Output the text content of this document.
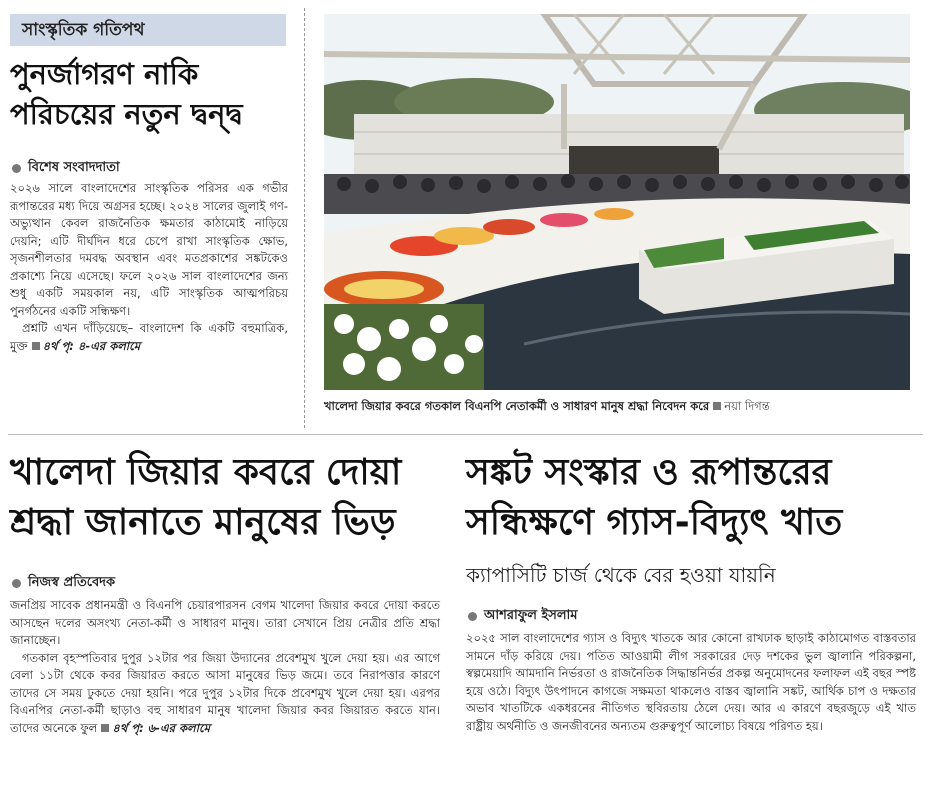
সাংস্কৃতিক গতিপথ
পুনর্জাগরণ নাকি
পরিচয়ের নতুন দ্বন্দ্ব
বিশেষ সংবাদদাতা

২০২৬ সালে বাংলাদেশের সাংস্কৃতিক পরিসর এক গভীর রূপান্তরের মধ্য দিয়ে অগ্রসর হচ্ছে। ২০২৪ সালের জুলাই গণ-অভ্যুত্থান কেবল রাজনৈতিক ক্ষমতার কাঠামোই নাড়িয়ে দেয়নি; এটি দীর্ঘদিন ধরে চেপে রাখা সাংস্কৃতিক ক্ষোভ, সৃজনশীলতার দমবদ্ধ অবস্থান এবং মতপ্রকাশের সঙ্কটকেও প্রকাশ্যে নিয়ে এসেছে। ফলে ২০২৬ সাল বাংলাদেশের জন্য শুধু একটি সময়কাল নয়, এটি সাংস্কৃতিক আত্মপরিচয় পুনর্গঠনের একটি সন্ধিক্ষণ।

প্রশ্নটি এখন দাঁড়িয়েছে– বাংলাদেশ কি একটি বহুমাত্রিক, মুক্ত ৪র্থ পৃ: ৪-এর কলামে

খালেদা জিয়ার কবরে গতকাল বিএনপি নেতাকর্মী ও সাধারণ মানুষ শ্রদ্ধা নিবেদন করে নয়া দিগন্ত
খালেদা জিয়ার কবরে দোয়া
শ্রদ্ধা জানাতে মানুষের ভিড়
নিজস্ব প্রতিবেদক

জনপ্রিয় সাবেক প্রধানমন্ত্রী ও বিএনপি চেয়ারপারসন বেগম খালেদা জিয়ার কবরে দোয়া করতে আসছেন দলের অসংখ্য নেতা-কর্মী ও সাধারণ মানুষ। তারা সেখানে প্রিয় নেত্রীর প্রতি শ্রদ্ধা জানাচ্ছেন।

গতকাল বৃহস্পতিবার দুপুর ১২টার পর জিয়া উদ্যানের প্রবেশমুখ খুলে দেয়া হয়। এর আগে বেলা ১১টা থেকে কবর জিয়ারত করতে আসা মানুষের ভিড় জমে। তবে নিরাপত্তার কারণে তাদের সে সময় ঢুকতে দেয়া হয়নি। পরে দুপুর ১২টার দিকে প্রবেশমুখ খুলে দেয়া হয়। এরপর বিএনপির নেতা-কর্মী ছাড়াও বহু সাধারণ মানুষ খালেদা জিয়ার কবর জিয়ারত করতে যান। তাদের অনেকে ফুল ৪র্থ পৃ: ৬-এর কলামে

সঙ্কট সংস্কার ও রূপান্তরের
সন্ধিক্ষণে গ্যাস-বিদ্যুৎ খাত
ক্যাপাসিটি চার্জ থেকে বের হওয়া যায়নি
আশরাফুল ইসলাম

২০২৫ সাল বাংলাদেশের গ্যাস ও বিদ্যুৎ খাতকে আর কোনো রাখঢাক ছাড়াই কাঠামোগত বাস্তবতার সামনে দাঁড় করিয়ে দেয়। পতিত আওয়ামী লীগ সরকারের দেড় দশকের ভুল জ্বালানি পরিকল্পনা, স্বল্পমেয়াদি আমদানি নির্ভরতা ও রাজনৈতিক সিদ্ধান্তনির্ভর প্রকল্প অনুমোদনের ফলাফল এই বছর স্পষ্ট হয়ে ওঠে। বিদ্যুৎ উৎপাদনে কাগজে সক্ষমতা থাকলেও বাস্তব জ্বালানি সঙ্কট, আর্থিক চাপ ও দক্ষতার অভাব খাতটিকে একধরনের নীতিগত স্থবিরতায় ঠেলে দেয়। আর এ কারণে বছরজুড়ে এই খাত রাষ্ট্রীয় অর্থনীতি ও জনজীবনের অন্যতম গুরুত্বপূর্ণ আলোচ্য বিষয়ে পরিণত হয়।
